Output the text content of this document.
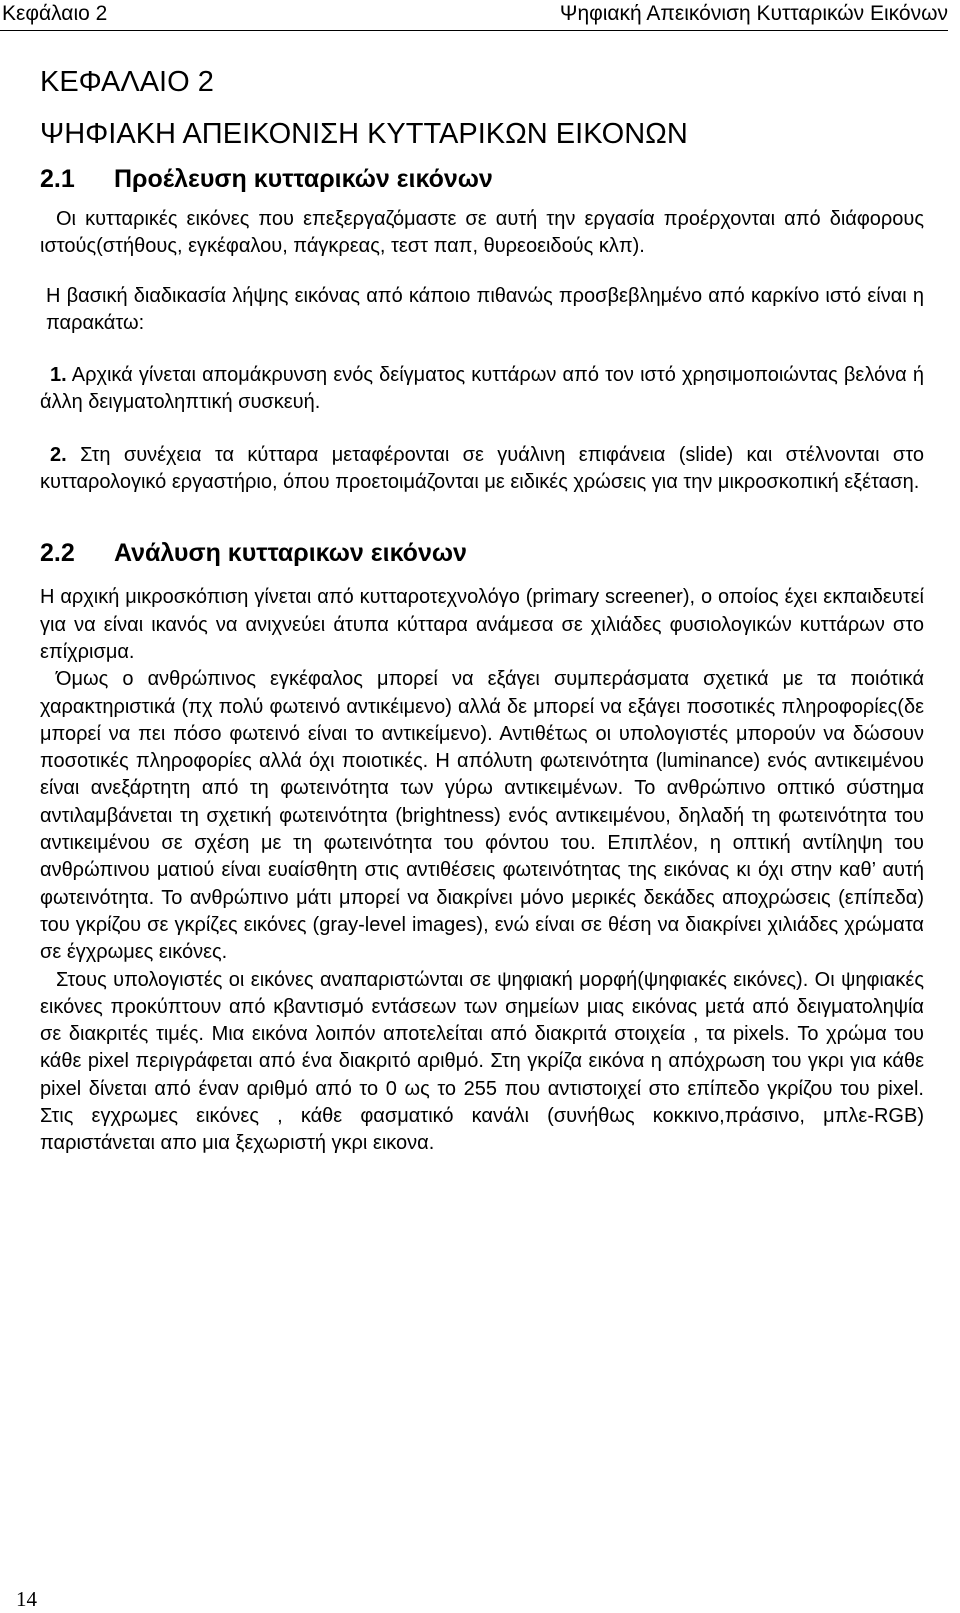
Κεφάλαιο 2	Ψηφιακή Απεικόνιση Κυτταρικών Εικόνων
ΚΕΦΑΛΑΙΟ 2
ΨΗΦΙΑΚΗ ΑΠΕΙΚΟΝΙΣΗ ΚΥΤΤΑΡΙΚΩΝ ΕΙΚΟΝΩΝ
2.1	Προέλευση κυτταρικών εικόνων

Οι κυτταρικές εικόνες που επεξεργαζόμαστε σε αυτή την εργασία προέρχονται από διάφορους ιστούς(στήθους, εγκέφαλου, πάγκρεας, τεστ παπ, θυρεοειδούς κλπ).

Η βασική διαδικασία λήψης εικόνας από κάποιο πιθανώς προσβεβλημένο από καρκίνο ιστό είναι η παρακάτω:

1. Αρχικά γίνεται απομάκρυνση ενός δείγματος κυττάρων από τον ιστό χρησιμοποιώντας βελόνα ή άλλη δειγματοληπτική συσκευή.

2. Στη συνέχεια τα κύτταρα μεταφέρονται σε γυάλινη επιφάνεια (slide) και στέλνονται στο κυτταρολογικό εργαστήριο, όπου προετοιμάζονται με ειδικές χρώσεις για την μικροσκοπική εξέταση.

2.2	Ανάλυση κυτταρικων εικόνων

Η αρχική μικροσκόπιση γίνεται από κυτταροτεχνολόγο (primary screener), ο οποίος έχει εκπαιδευτεί για να είναι ικανός να ανιχνεύει άτυπα κύτταρα ανάμεσα σε χιλιάδες φυσιολογικών κυττάρων στο επίχρισμα.

Όμως ο ανθρώπινος εγκέφαλος μπορεί να εξάγει συμπεράσματα σχετικά με τα ποιότικά χαρακτηριστικά (πχ πολύ φωτεινό αντικέιμενο) αλλά δε μπορεί να εξάγει ποσοτικές πληροφορίες(δε μπορεί να πει πόσο φωτεινό είναι το αντικείμενο). Αντιθέτως οι υπολογιστές μπορούν να δώσουν ποσοτικές πληροφορίες αλλά όχι ποιοτικές. Η απόλυτη φωτεινότητα (luminance) ενός αντικειμένου είναι ανεξάρτητη από τη φωτεινότητα των γύρω αντικειμένων. Το ανθρώπινο οπτικό σύστημα αντιλαμβάνεται τη σχετική φωτεινότητα (brightness) ενός αντικειμένου, δηλαδή τη φωτεινότητα του αντικειμένου σε σχέση με τη φωτεινότητα του φόντου του. Επιπλέον, η οπτική αντίληψη του ανθρώπινου ματιού είναι ευαίσθητη στις αντιθέσεις φωτεινότητας της εικόνας κι όχι στην καθ’ αυτή φωτεινότητα. Το ανθρώπινο μάτι μπορεί να διακρίνει μόνο μερικές δεκάδες αποχρώσεις (επίπεδα) του γκρίζου σε γκρίζες εικόνες (gray-level images), ενώ είναι σε θέση να διακρίνει χιλιάδες χρώματα σε έγχρωμες εικόνες.

Στους υπολογιστές οι εικόνες αναπαριστώνται σε ψηφιακή μορφή(ψηφιακές εικόνες). Οι ψηφιακές εικόνες προκύπτουν από κβαντισμό εντάσεων των σημείων μιας εικόνας μετά από δειγματοληψία σε διακριτές τιμές. Μια εικόνα λοιπόν αποτελείται από διακριτά στοιχεία , τα pixels. Το χρώμα του κάθε pixel περιγράφεται από ένα διακριτό αριθμό. Στη γκρίζα εικόνα η απόχρωση του γκρι για κάθε pixel δίνεται από έναν αριθμό από το 0 ως το 255 που αντιστοιχεί στο επίπεδο γκρίζου του pixel. Στις εγχρωμες εικόνες , κάθε φασματικό κανάλι (συνήθως κοκκινο,πράσινο, μπλε-RGB) παριστάνεται απο μια ξεχωριστή γκρι εικονα.

14
